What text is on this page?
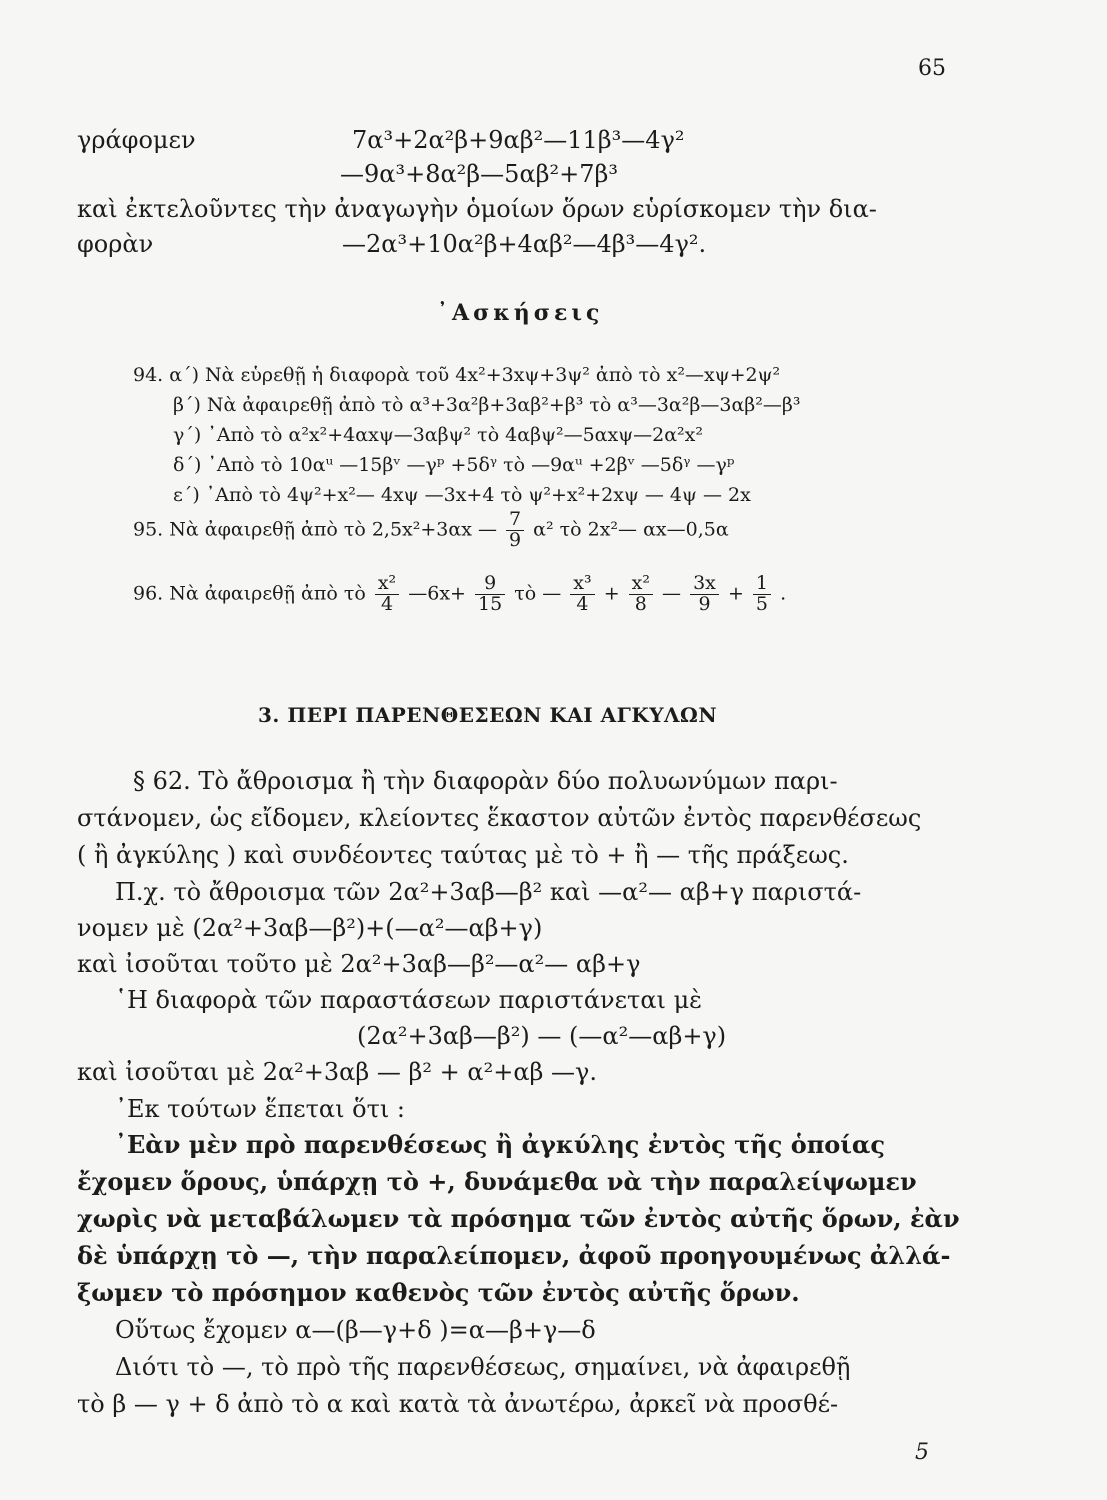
65
γράφομεν	7α³+2α²β+9αβ²—11β³—4γ²
—9α³+8α²β—5αβ²+7β³
καὶ ἐκτελοῦντες τὴν ἀναγωγὴν ὁμοίων ὅρων εὑρίσκομεν τὴν δια-
φορὰν	—2α³+10α²β+4αβ²—4β³—4γ².
᾿Ασκήσεις
94. α΄) Νὰ εὑρεθῇ ἡ διαφορὰ τοῦ 4x²+3xψ+3ψ² ἀπὸ τὸ x²—xψ+2ψ²
β΄) Νὰ ἀφαιρεθῇ ἀπὸ τὸ α³+3α²β+3αβ²+β³ τὸ α³—3α²β—3αβ²—β³
γ΄) ᾿Απὸ τὸ α²x²+4αxψ—3αβψ² τὸ 4αβψ²—5αxψ—2α²x²
δ΄) ᾿Απὸ τὸ 10αᵘ —15βᵛ —γᵖ +5δᵞ τὸ —9αᵘ +2βᵛ —5δᵞ —γᵖ
ε΄) ᾿Απὸ τὸ 4ψ²+x²— 4xψ —3x+4 τὸ ψ²+x²+2xψ — 4ψ — 2x
95. Νὰ ἀφαιρεθῇ ἀπὸ τὸ 2,5x²+3αx — $\frac{7}{9} \alpha^2$ τὸ 2x²— αx—0,5α
96. Νὰ ἀφαιρεθῇ ἀπὸ τὸ $\frac{\text{x²}}{4}$ —6x+ $\frac{9}{15}$ τὸ — $\frac{\text{x³}}{4} + \frac{\text{x²}}{8}$ — $\frac{3x}{9} + \frac{1}{5}$ .
3. ΠΕΡΙ ΠΑΡΕΝΘΕΣΕΩΝ ΚΑΙ ΑΓΚΥΛΩΝ
§ 62. Τὸ ἄθροισμα ἢ τὴν διαφορὰν δύο πολυωνύμων παρι-
στάνομεν, ὡς εἴδομεν, κλείοντες ἕκαστον αὐτῶν ἐντὸς παρενθέσεως
( ἢ ἀγκύλης ) καὶ συνδέοντες ταύτας μὲ τὸ + ἢ — τῆς πράξεως.
Π.χ. τὸ ἄθροισμα τῶν 2α²+3αβ—β² καὶ —α²— αβ+γ παριστά-
νομεν μὲ (2α²+3αβ—β²)+(—α²—αβ+γ)
καὶ ἰσοῦται τοῦτο μὲ 2α²+3αβ—β²—α²— αβ+γ
῾Η διαφορὰ τῶν παραστάσεων παριστάνεται μὲ
(2α²+3αβ—β²) — (—α²—αβ+γ)
καὶ ἰσοῦται μὲ 2α²+3αβ — β² + α²+αβ —γ.
᾿Εκ τούτων ἕπεται ὅτι :
᾿Εὰν μὲν πρὸ παρενθέσεως ἢ ἀγκύλης ἐντὸς τῆς ὁποίας
ἔχομεν ὅρους, ὑπάρχῃ τὸ +, δυνάμεθα νὰ τὴν παραλείψωμεν
χωρὶς νὰ μεταβάλωμεν τὰ πρόσημα τῶν ἐντὸς αὐτῆς ὅρων, ἐὰν
δὲ ὑπάρχῃ τὸ —, τὴν παραλείπομεν, ἀφοῦ προηγουμένως ἀλλά-
ξωμεν τὸ πρόσημον καθενὸς τῶν ἐντὸς αὐτῆς ὅρων.
Οὕτως ἔχομεν α—(β—γ+δ )=α—β+γ—δ
Διότι τὸ —, τὸ πρὸ τῆς παρενθέσεως, σημαίνει, νὰ ἀφαιρεθῇ
τὸ β — γ + δ ἀπὸ τὸ α καὶ κατὰ τὰ ἀνωτέρω, ἀρκεῖ νὰ προσθέ-
5
